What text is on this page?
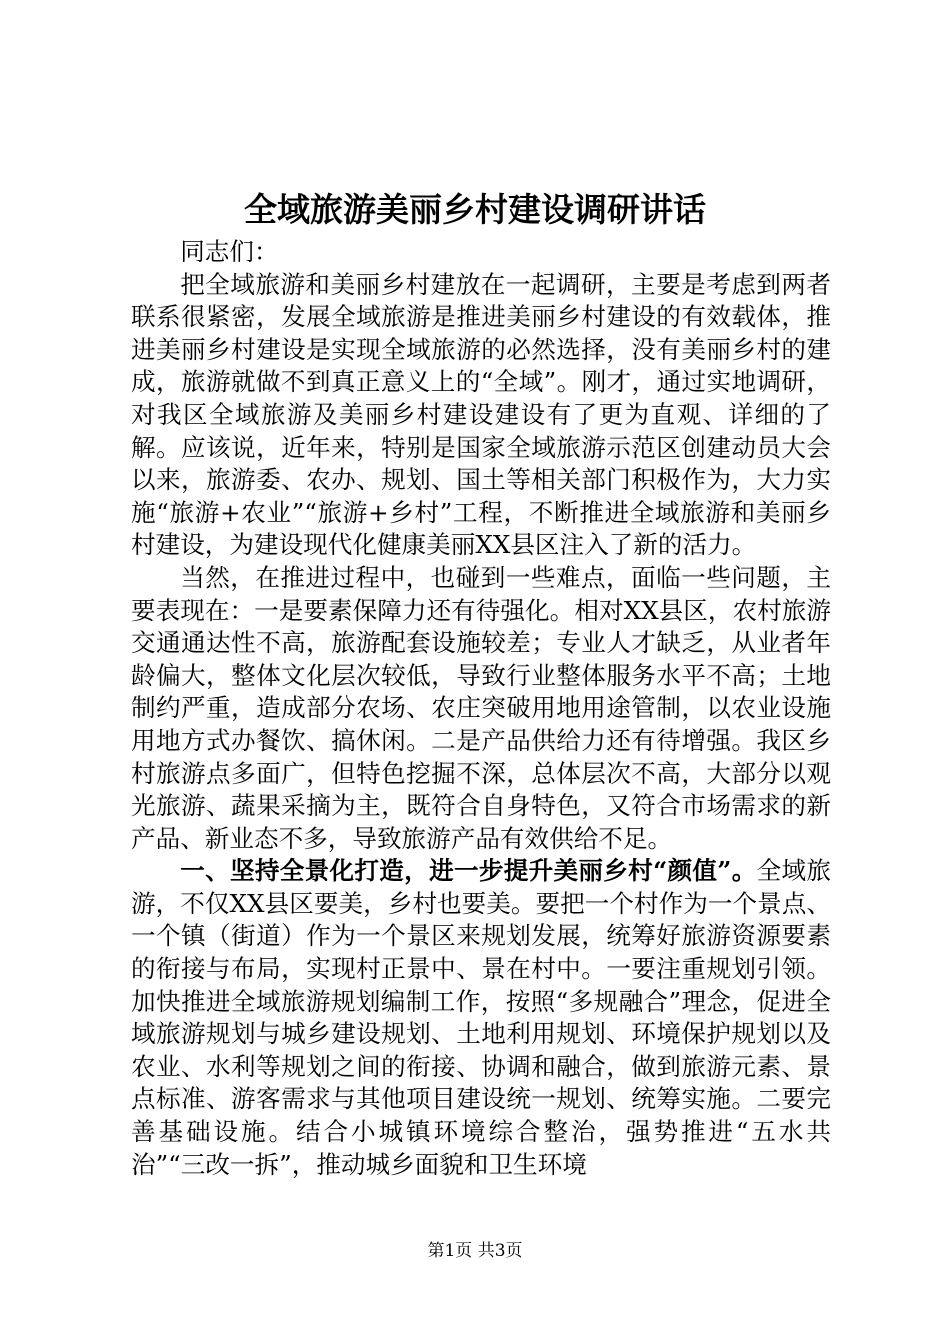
全域旅游美丽乡村建设调研讲话

同志们：

把全域旅游和美丽乡村建放在一起调研，主要是考虑到两者联系很紧密，发展全域旅游是推进美丽乡村建设的有效载体，推进美丽乡村建设是实现全域旅游的必然选择，没有美丽乡村的建成，旅游就做不到真正意义上的“全域”。刚才，通过实地调研，对我区全域旅游及美丽乡村建设建设有了更为直观、详细的了解。应该说，近年来，特别是国家全域旅游示范区创建动员大会以来，旅游委、农办、规划、国土等相关部门积极作为，大力实施“旅游+农业”“旅游+乡村”工程，不断推进全域旅游和美丽乡村建设，为建设现代化健康美丽XX县区注入了新的活力。

当然，在推进过程中，也碰到一些难点，面临一些问题，主要表现在：一是要素保障力还有待强化。相对XX县区，农村旅游交通通达性不高，旅游配套设施较差；专业人才缺乏，从业者年龄偏大，整体文化层次较低，导致行业整体服务水平不高；土地制约严重，造成部分农场、农庄突破用地用途管制，以农业设施用地方式办餐饮、搞休闲。二是产品供给力还有待增强。我区乡村旅游点多面广，但特色挖掘不深，总体层次不高，大部分以观光旅游、蔬果采摘为主，既符合自身特色，又符合市场需求的新产品、新业态不多，导致旅游产品有效供给不足。

一、坚持全景化打造，进一步提升美丽乡村“颜值”。全域旅游，不仅XX县区要美，乡村也要美。要把一个村作为一个景点、一个镇（街道）作为一个景区来规划发展，统筹好旅游资源要素的衔接与布局，实现村正景中、景在村中。一要注重规划引领。加快推进全域旅游规划编制工作，按照“多规融合”理念，促进全域旅游规划与城乡建设规划、土地利用规划、环境保护规划以及农业、水利等规划之间的衔接、协调和融合，做到旅游元素、景点标准、游客需求与其他项目建设统一规划、统筹实施。二要完善基础设施。结合小城镇环境综合整治，强势推进“五水共治”“三改一拆”，推动城乡面貌和卫生环境

第1页 共3页
